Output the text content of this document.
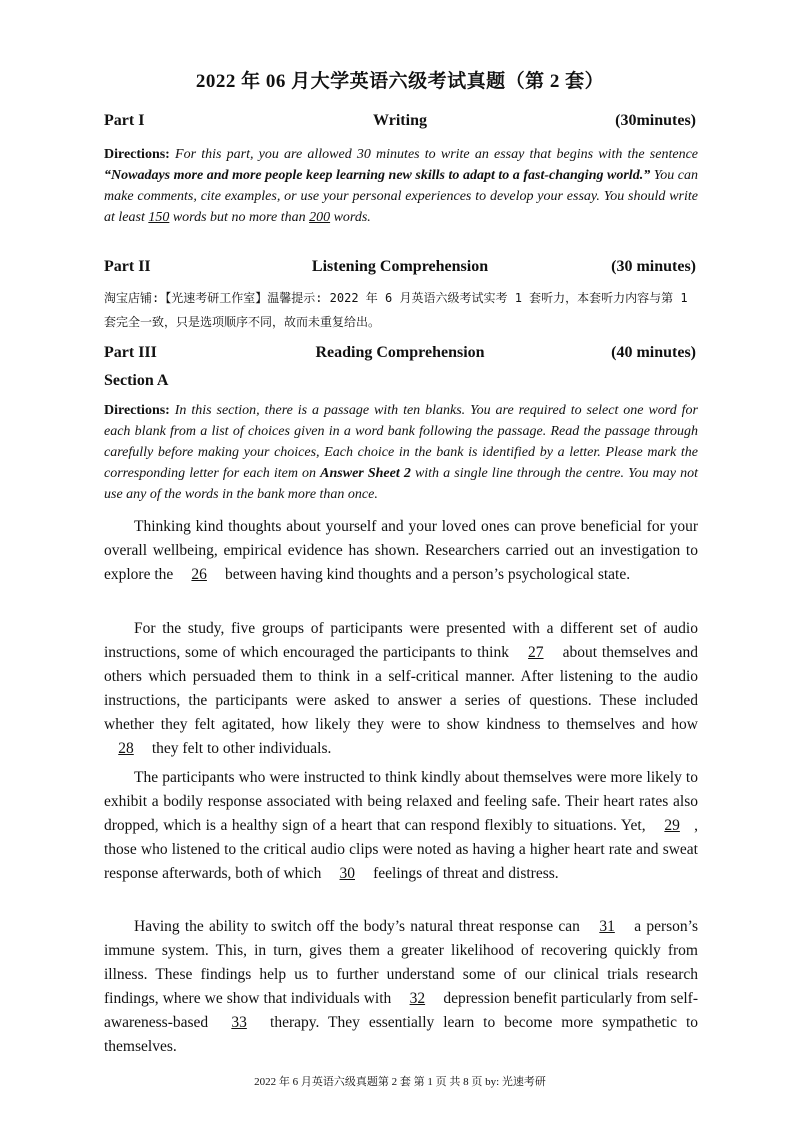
2022 年 06 月大学英语六级考试真题（第 2 套）
Part I	Writing	(30minutes)
Directions: For this part, you are allowed 30 minutes to write an essay that begins with the sentence “Nowadays more and more people keep learning new skills to adapt to a fast-changing world.” You can make comments, cite examples, or use your personal experiences to develop your essay. You should write at least 150 words but no more than 200 words.
Part II	Listening Comprehension	(30 minutes)
淘宝店铺:【光速考研工作室】温馨提示: 2022 年 6 月英语六级考试实考 1 套听力，本套听力内容与第 1 套完全一致，只是选项顺序不同，故而未重复给出。
Part III	Reading Comprehension	(40 minutes)
Section A
Directions: In this section, there is a passage with ten blanks. You are required to select one word for each blank from a list of choices given in a word bank following the passage. Read the passage through carefully before making your choices, Each choice in the bank is identified by a letter. Please mark the corresponding letter for each item on Answer Sheet 2 with a single line through the centre. You may not use any of the words in the bank more than once.

Thinking kind thoughts about yourself and your loved ones can prove beneficial for your overall wellbeing, empirical evidence has shown. Researchers carried out an investigation to explore the 26 between having kind thoughts and a person’s psychological state.

For the study, five groups of participants were presented with a different set of audio instructions, some of which encouraged the participants to think 27 about themselves and others which persuaded them to think in a self-critical manner. After listening to the audio instructions, the participants were asked to answer a series of questions. These included whether they felt agitated, how likely they were to show kindness to themselves and how 28 they felt to other individuals.

The participants who were instructed to think kindly about themselves were more likely to exhibit a bodily response associated with being relaxed and feeling safe. Their heart rates also dropped, which is a healthy sign of a heart that can respond flexibly to situations. Yet, 29 , those who listened to the critical audio clips were noted as having a higher heart rate and sweat response afterwards, both of which 30 feelings of threat and distress.

Having the ability to switch off the body’s natural threat response can 31 a person’s immune system. This, in turn, gives them a greater likelihood of recovering quickly from illness. These findings help us to further understand some of our clinical trials research findings, where we show that individuals with 32 depression benefit particularly from self-awareness-based 33 therapy. They essentially learn to become more sympathetic to themselves.

2022 年 6 月英语六级真题第 2 套 第 1 页 共 8 页 by: 光速考研
